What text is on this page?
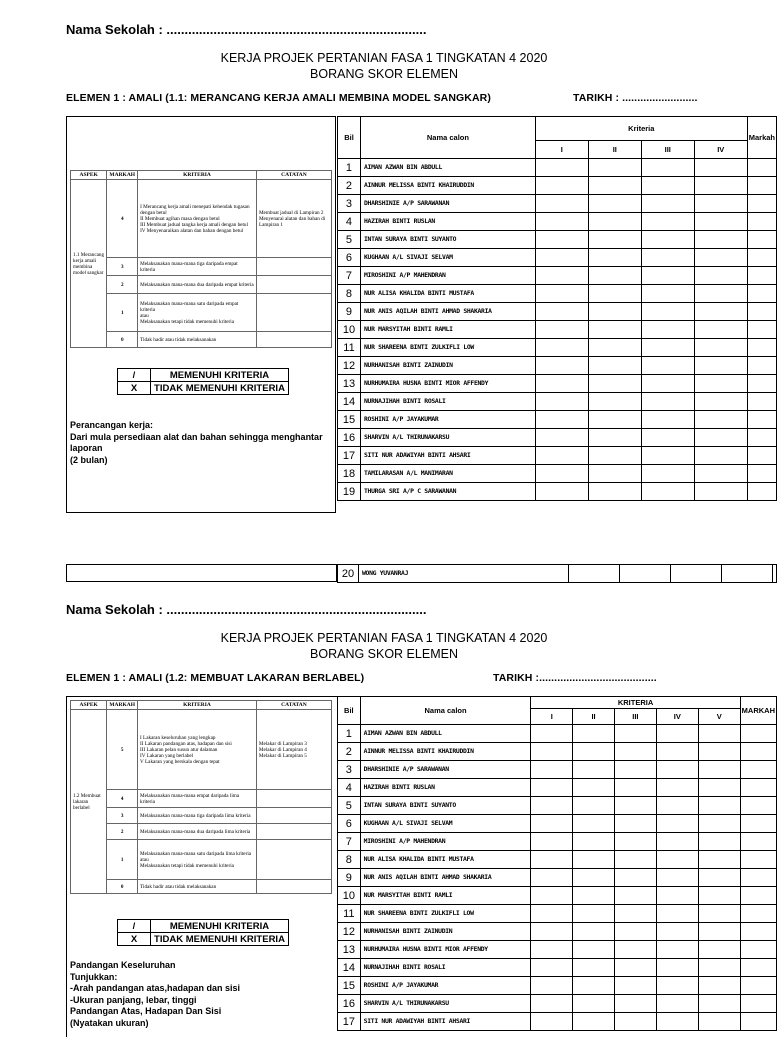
Nama Sekolah : ........................................................................
KERJA PROJEK PERTANIAN FASA 1 TINGKATAN 4 2020
BORANG SKOR ELEMEN
ELEMEN 1 : AMALI (1.1: MERANCANG KERJA AMALI MEMBINA MODEL SANGKAR)	TARIKH : .........................
ASPEK	MARKAH	KRITERIA	CATATAN
1.1 Merancang kerja amali membina model sangkar	4	I Merancang kerja amali menepati kehendak tugasan dengan betul
II Membuat agihan masa dengan betul
III Membuat jadual tangka kerja amali dengan betul
IV Menyenaraikan alatan dan bahan dengan betul	Membuat jadual di Lampiran 2
Menyenarai alatan dan bahan di Lampiran 1
	3	Melaksanakan mana-mana tiga daripada empat kriteria	
	2	Melaksanakan mana-mana dua daripada empat kriteria	
	1	Melaksanakan mana-mana satu daripada empat kriteria
atau
Melaksanakan tetapi tidak memenuhi kriteria	
	0	Tidak hadir atau tidak melaksanakan	
/	MEMENUHI KRITERIA
X	TIDAK MEMENUHI KRITERIA
Perancangan kerja:
Dari mula persediaan alat dan bahan sehingga menghantar laporan
(2 bulan)
Bil	Nama calon	Kriteria				Markah
		I	II	III	IV	
1	AIMAN AZWAN BIN ABDULL					
2	AINNUR MELISSA BINTI KHAIRUDDIN					
3	DHARSHINIE A/P SARAWANAN					
4	HAZIRAH BINTI RUSLAN					
5	INTAN SURAYA BINTI SUYANTO					
6	KUGHAAN A/L SIVAJI SELVAM					
7	MIROSHINI A/P MAHENDRAN					
8	NUR ALISA KHALIDA BINTI MUSTAFA					
9	NUR ANIS AQILAH BINTI AHMAD SHAKARIA					
10	NUR MARSYITAH BINTI RAMLI					
11	NUR SHAREENA BINTI ZULKIFLI LOW					
12	NURHANISAH BINTI ZAINUDIN					
13	NURHUMAIRA HUSNA BINTI MIOR AFFENDY					
14	NURNAJIHAH BINTI ROSALI					
15	ROSHINI A/P JAYAKUMAR					
16	SHARVIN A/L THIRUNAKARSU					
17	SITI NUR ADAWIYAH BINTI AHSARI					
18	TAMILARASAN A/L MANIMARAN					
19	THURGA SRI A/P C SARAWANAN					
20	WONG YUVANRAJ					
Nama Sekolah : ........................................................................
KERJA PROJEK PERTANIAN FASA 1 TINGKATAN 4 2020
BORANG SKOR ELEMEN
ELEMEN 1 : AMALI (1.2: MEMBUAT LAKARAN BERLABEL)	TARIKH :.......................................
ASPEK	MARKAH	KRITERIA	CATATAN
1.2 Membuat lakaran berlabel	5	I Lakaran keseluruhan yang lengkap
II Lakaran pandangan atas, hadapan dan sisi
III Lakaran pelan susun atur dalaman
IV Lakaran yang berlabel
V Lakaran yang berskala dengan tepat	Melakar di Lampiran 3
Melakar di Lampiran 4
Melakar di Lampiran 5
	4	Melaksanakan mana-mana empat daripada lima kriteria	
	3	Melaksanakan mana-mana tiga daripada lima kriteria	
	2	Melaksanakan mana-mana dua daripada lima kriteria	
	1	Melaksanakan mana-mana satu daripada lima kriteria
atau
Melaksanakan tetapi tidak memenuhi kriteria	
	0	Tidak hadir atau tidak melaksanakan	
/	MEMENUHI KRITERIA
X	TIDAK MEMENUHI KRITERIA
Pandangan Keseluruhan
Tunjukkan:
-Arah pandangan atas,hadapan dan sisi
-Ukuran panjang, lebar, tinggi
Pandangan Atas, Hadapan Dan Sisi
(Nyatakan ukuran)
Bil	Nama calon	KRITERIA					MARKAH
		I	II	III	IV	V	
1	AIMAN AZWAN BIN ABDULL						
2	AINNUR MELISSA BINTI KHAIRUDDIN						
3	DHARSHINIE A/P SARAWANAN						
4	HAZIRAH BINTI RUSLAN						
5	INTAN SURAYA BINTI SUYANTO						
6	KUGHAAN A/L SIVAJI SELVAM						
7	MIROSHINI A/P MAHENDRAN						
8	NUR ALISA KHALIDA BINTI MUSTAFA						
9	NUR ANIS AQILAH BINTI AHMAD SHAKARIA						
10	NUR MARSYITAH BINTI RAMLI						
11	NUR SHAREENA BINTI ZULKIFLI LOW						
12	NURHANISAH BINTI ZAINUDIN						
13	NURHUMAIRA HUSNA BINTI MIOR AFFENDY						
14	NURNAJIHAH BINTI ROSALI						
15	ROSHINI A/P JAYAKUMAR						
16	SHARVIN A/L THIRUNAKARSU						
17	SITI NUR ADAWIYAH BINTI AHSARI						
